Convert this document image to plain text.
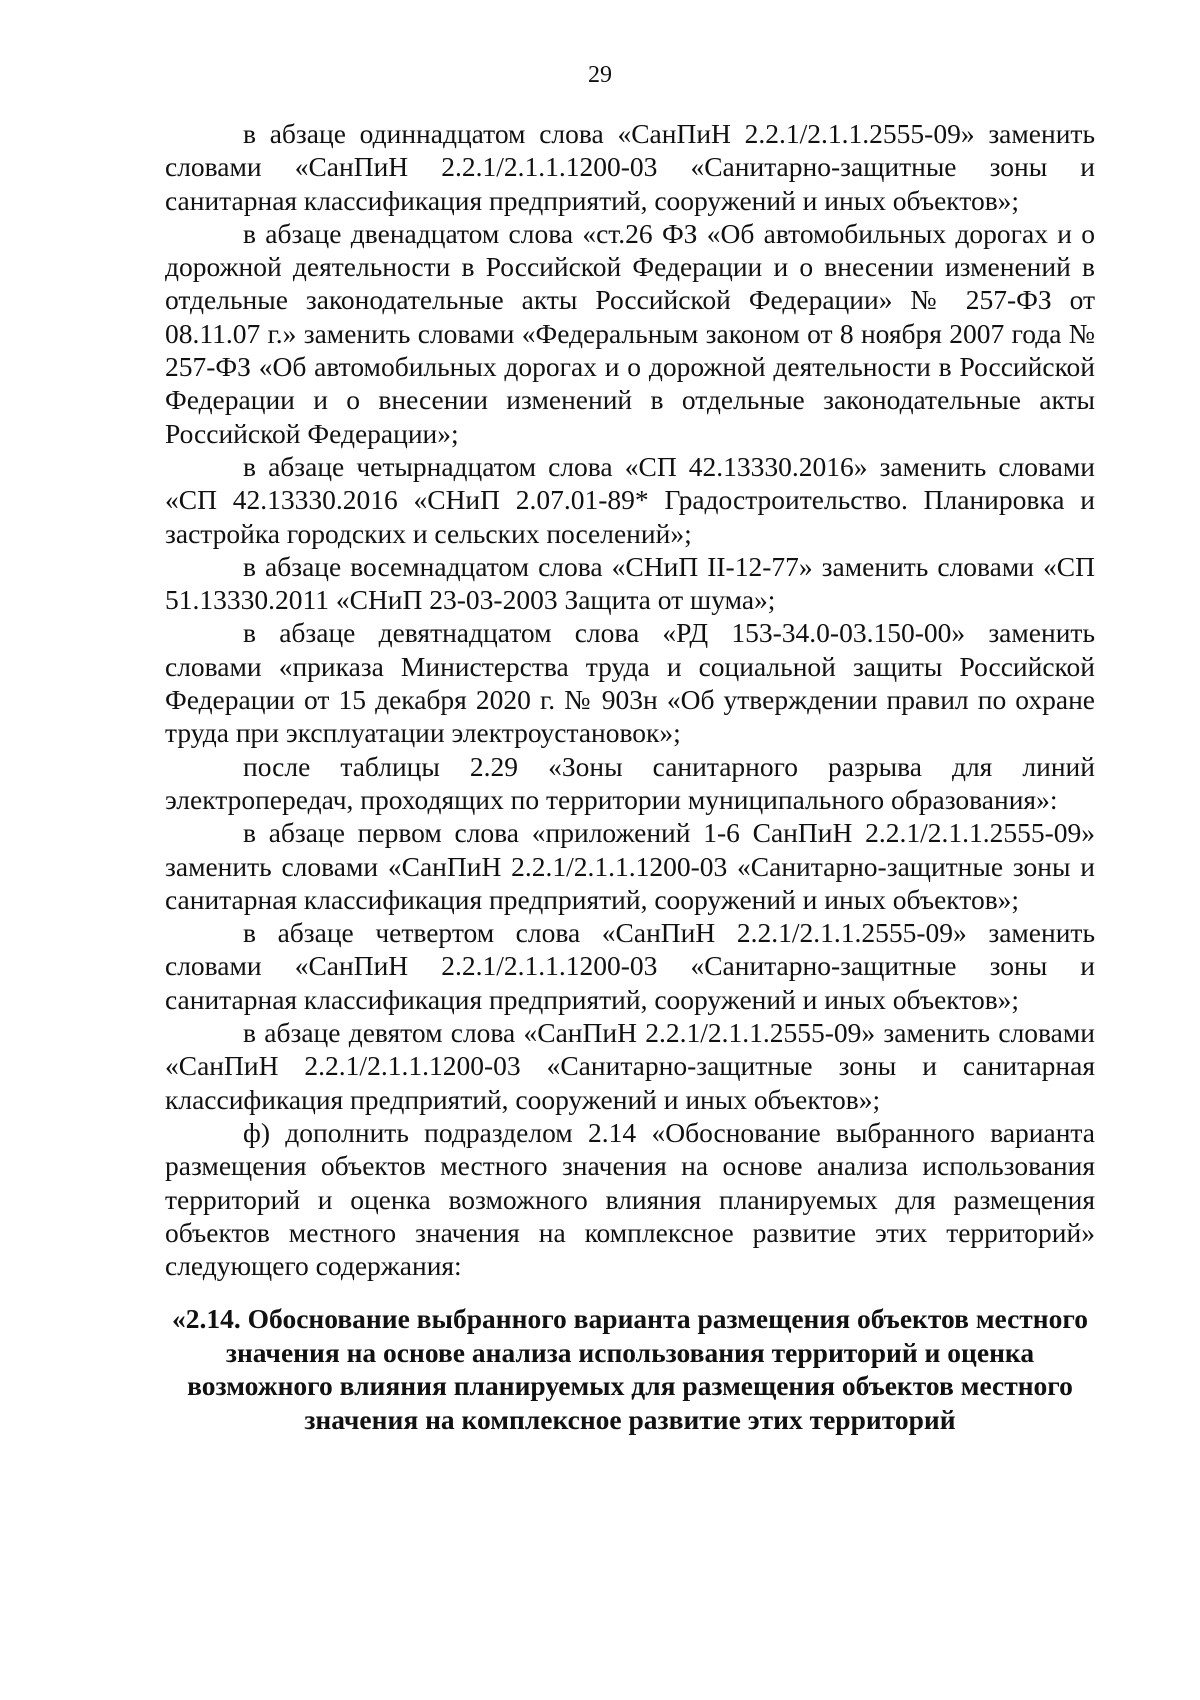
29

в абзаце одиннадцатом слова «СанПиН 2.2.1/2.1.1.2555-09» заменить словами «СанПиН 2.2.1/2.1.1.1200-03 «Санитарно-защитные зоны и санитарная классификация предприятий, сооружений и иных объектов»;

в абзаце двенадцатом слова «ст.26 ФЗ «Об автомобильных дорогах и о дорожной деятельности в Российской Федерации и о внесении изменений в отдельные законодательные акты Российской Федерации» № 257-ФЗ от 08.11.07 г.» заменить словами «Федеральным законом от 8 ноября 2007 года № 257-ФЗ «Об автомобильных дорогах и о дорожной деятельности в Российской Федерации и о внесении изменений в отдельные законодательные акты Российской Федерации»;

в абзаце четырнадцатом слова «СП 42.13330.2016» заменить словами «СП 42.13330.2016 «СНиП 2.07.01-89* Градостроительство. Планировка и застройка городских и сельских поселений»;

в абзаце восемнадцатом слова «СНиП II-12-77» заменить словами «СП 51.13330.2011 «СНиП 23-03-2003 Защита от шума»;

в абзаце девятнадцатом слова «РД 153-34.0-03.150-00» заменить словами «приказа Министерства труда и социальной защиты Российской Федерации от 15 декабря 2020 г. № 903н «Об утверждении правил по охране труда при эксплуатации электроустановок»;

после таблицы 2.29 «Зоны санитарного разрыва для линий электропередач, проходящих по территории муниципального образования»:

в абзаце первом слова «приложений 1-6 СанПиН 2.2.1/2.1.1.2555-09» заменить словами «СанПиН 2.2.1/2.1.1.1200-03 «Санитарно-защитные зоны и санитарная классификация предприятий, сооружений и иных объектов»;

в абзаце четвертом слова «СанПиН 2.2.1/2.1.1.2555-09» заменить словами «СанПиН 2.2.1/2.1.1.1200-03 «Санитарно-защитные зоны и санитарная классификация предприятий, сооружений и иных объектов»;

в абзаце девятом слова «СанПиН 2.2.1/2.1.1.2555-09» заменить словами «СанПиН 2.2.1/2.1.1.1200-03 «Санитарно-защитные зоны и санитарная классификация предприятий, сооружений и иных объектов»;

ф) дополнить подразделом 2.14 «Обоснование выбранного варианта размещения объектов местного значения на основе анализа использования территорий и оценка возможного влияния планируемых для размещения объектов местного значения на комплексное развитие этих территорий» следующего содержания:

«2.14. Обоснование выбранного варианта размещения объектов местного значения на основе анализа использования территорий и оценка возможного влияния планируемых для размещения объектов местного значения на комплексное развитие этих территорий
